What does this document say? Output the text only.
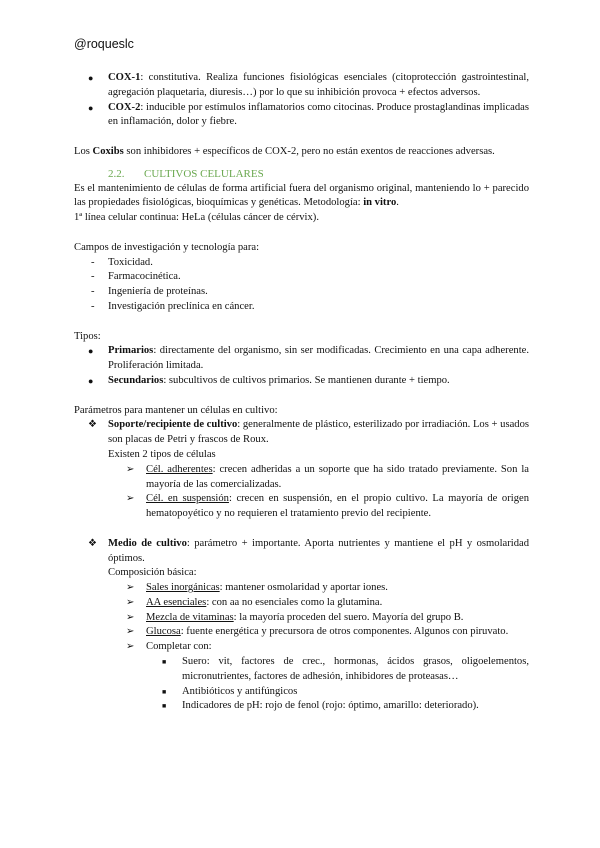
@roqueslc
● COX-1: constitutiva. Realiza funciones fisiológicas esenciales (citoprotección gastrointestinal, agregación plaquetaria, diuresis…) por lo que su inhibición provoca + efectos adversos.
● COX-2: inducible por estímulos inflamatorios como citocinas. Produce prostaglandinas implicadas en inflamación, dolor y fiebre.

Los Coxibs son inhibidores + específicos de COX-2, pero no están exentos de reacciones adversas.

2.2. CULTIVOS CELULARES

Es el mantenimiento de células de forma artificial fuera del organismo original, manteniendo lo + parecido las propiedades fisiológicas, bioquímicas y genéticas. Metodología: in vitro.

1ª línea celular continua: HeLa (células cáncer de cérvix).

Campos de investigación y tecnología para:

- Toxicidad.
- Farmacocinética.
- Ingeniería de proteínas.
- Investigación preclínica en cáncer.

Tipos:

● Primarios: directamente del organismo, sin ser modificadas. Crecimiento en una capa adherente. Proliferación limitada.
● Secundarios: subcultivos de cultivos primarios. Se mantienen durante + tiempo.

Parámetros para mantener un células en cultivo:

❖ Soporte/recipiente de cultivo: generalmente de plástico, esterilizado por irradiación. Los + usados son placas de Petri y frascos de Roux.

Existen 2 tipos de células

➢ Cél. adherentes: crecen adheridas a un soporte que ha sido tratado previamente. Son la mayoría de las comercializadas.
➢ Cél. en suspensión: crecen en suspensión, en el propio cultivo. La mayoría de origen hematopoyético y no requieren el tratamiento previo del recipiente.
❖ Medio de cultivo: parámetro + importante. Aporta nutrientes y mantiene el pH y osmolaridad óptimos.

Composición básica:

➢ Sales inorgánicas: mantener osmolaridad y aportar iones.
➢ AA esenciales: con aa no esenciales como la glutamina.
➢ Mezcla de vitaminas: la mayoría proceden del suero. Mayoría del grupo B.
➢ Glucosa: fuente energética y precursora de otros componentes. Algunos con piruvato.
➢ Completar con:
■ Suero: vit, factores de crec., hormonas, ácidos grasos, oligoelementos, micronutrientes, factores de adhesión, inhibidores de proteasas…
■ Antibióticos y antifúngicos
■ Indicadores de pH: rojo de fenol (rojo: óptimo, amarillo: deteriorado).
